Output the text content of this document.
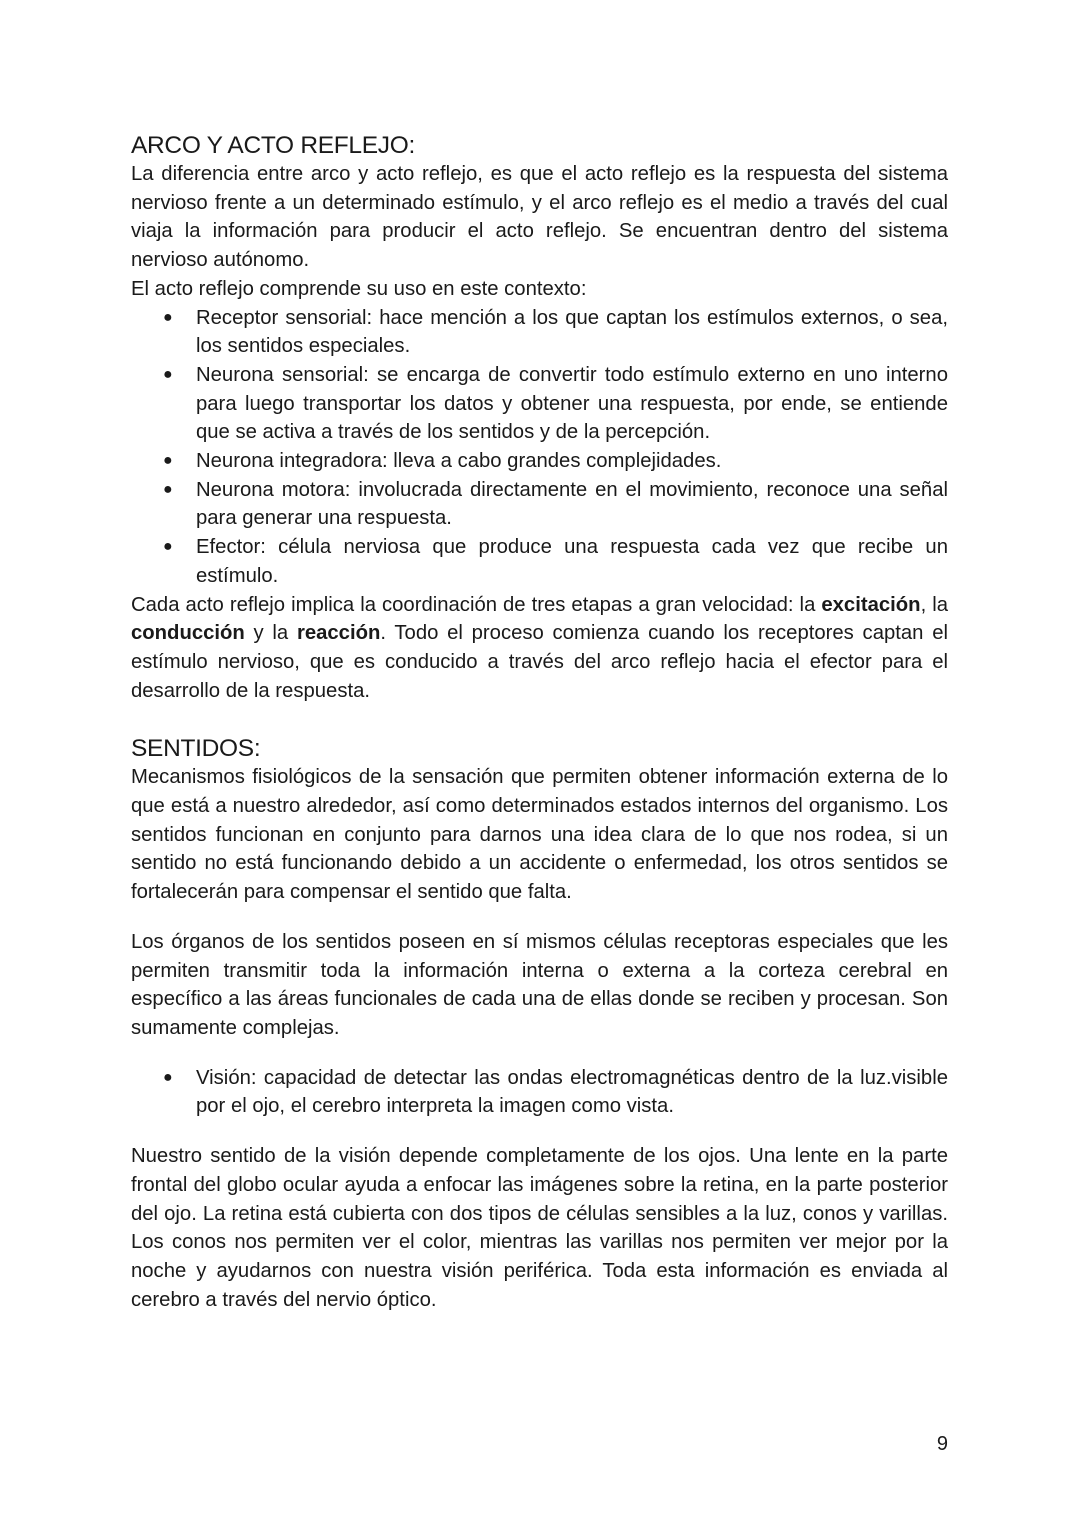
ARCO Y ACTO REFLEJO:

La diferencia entre arco y acto reflejo, es que el acto reflejo es la respuesta del sistema nervioso frente a un determinado estímulo, y el arco reflejo es el medio a través del cual viaja la información para producir el acto reflejo. Se encuentran dentro del sistema nervioso autónomo.

El acto reflejo comprende su uso en este contexto:

● Receptor sensorial: hace mención a los que captan los estímulos externos, o sea, los sentidos especiales.
● Neurona sensorial: se encarga de convertir todo estímulo externo en uno interno para luego transportar los datos y obtener una respuesta, por ende, se entiende que se activa a través de los sentidos y de la percepción.
● Neurona integradora: lleva a cabo grandes complejidades.
● Neurona motora: involucrada directamente en el movimiento, reconoce una señal para generar una respuesta.
● Efector: célula nerviosa que produce una respuesta cada vez que recibe un estímulo.

Cada acto reflejo implica la coordinación de tres etapas a gran velocidad: la excitación, la conducción y la reacción. Todo el proceso comienza cuando los receptores captan el estímulo nervioso, que es conducido a través del arco reflejo hacia el efector para el desarrollo de la respuesta.

SENTIDOS:

Mecanismos fisiológicos de la sensación que permiten obtener información externa de lo que está a nuestro alrededor, así como determinados estados internos del organismo. Los sentidos funcionan en conjunto para darnos una idea clara de lo que nos rodea, si un sentido no está funcionando debido a un accidente o enfermedad, los otros sentidos se fortalecerán para compensar el sentido que falta.

Los órganos de los sentidos poseen en sí mismos células receptoras especiales que les permiten transmitir toda la información interna o externa a la corteza cerebral en específico a las áreas funcionales de cada una de ellas donde se reciben y procesan. Son sumamente complejas.

● Visión: capacidad de detectar las ondas electromagnéticas dentro de la luz.visible por el ojo, el cerebro interpreta la imagen como vista.

Nuestro sentido de la visión depende completamente de los ojos. Una lente en la parte frontal del globo ocular ayuda a enfocar las imágenes sobre la retina, en la parte posterior del ojo. La retina está cubierta con dos tipos de células sensibles a la luz, conos y varillas. Los conos nos permiten ver el color, mientras las varillas nos permiten ver mejor por la noche y ayudarnos con nuestra visión periférica. Toda esta información es enviada al cerebro a través del nervio óptico.

9
